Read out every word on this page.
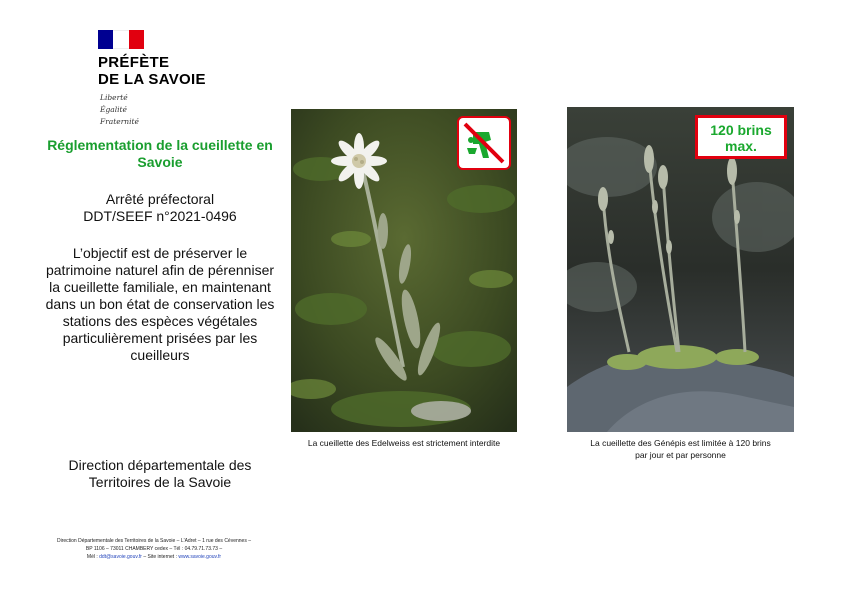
PRÉFÈTE
DE LA SAVOIE
Liberté
Égalité
Fraternité
Réglementation de la cueillette en Savoie
Arrêté préfectoral
DDT/SEEF n°2021-0496
L’objectif est de préserver le patrimoine naturel afin de pérenniser la cueillette familiale, en maintenant dans un bon état de conservation les stations des espèces végétales particulièrement prisées par les cueilleurs
Direction départementale des
Territoires de la Savoie
Direction Départementale des Territoires de la Savoie – L'Adret – 1 rue des Cévennes –
BP 1106 – 73011 CHAMBERY cedex – Tél : 04.79.71.73.73 –
Mél : ddt@savoie.gouv.fr – Site internet : www.savoie.gouv.fr
La cueillette des Edelweiss est strictement interdite
120 brins
max.
La cueillette des Génépis est limitée à 120 brins
par jour et par personne
